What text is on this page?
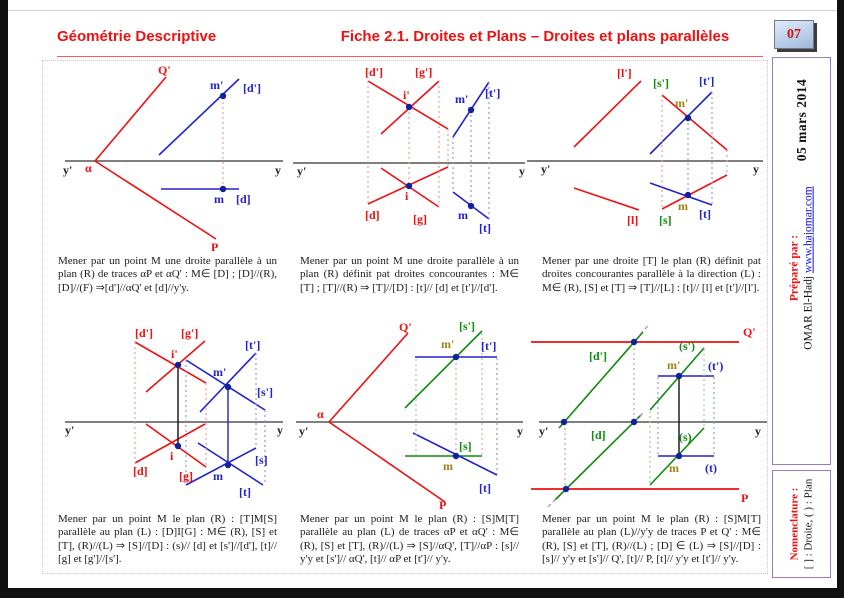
Géométrie Descriptive	Fiche 2.1. Droites et Plans – Droites et plans parallèles	07
05 mars 2014
Préparé par :
OMAR El-Hadj www.hajomar.com
Nomenclature : [ ] : Droite, ( ) : Plan
y' α	y
Q'
P
m' [d']
m [d]

Mener par un point M une droite parallèle à un plan (R) de traces αP et αQ' : M∈ [D] ; [D]//(R), [D]//(F) ⇒[d']//αQ' et [d]//y'y.

y'	y
[d']	[g']
i'
i
[d]	[g]
m' [t']
m
[t]

Mener par un point M une droite parallèle à un plan (R) définit pat droites concourantes : M∈ [T] ; [T]//(R) ⇒ [T]//[D] : [t]// [d] et [t']//[d'].

y'	y
[l']
[l]
[s']	[t']
m'
m
[s] [t]

Mener par une droite [T] le plan (R) définit pat droites concourantes parallèle à la direction (L) : M∈ (R), [S] et [T] ⇒ [T]//[L] : [t]// [l] et [t']//[l'].

y'	y
[d'] [g']
i'
i
[d]	[g]
m'
[t']
[s']
[s]
[t]
m

Mener par un point M le plan (R) : [T]M[S] parallèle au plan (L) : [D]I[G] : M∈ (R), [S] et [T], (R)//(L) ⇒ [S]//[D] : (s)// [d] et [s']//[d'], [t]// [g] et [g']//[s'].

y'	y
α
Q'
P
[s']
[t']
m'
[s]
m
[t]

Mener par un point M le plan (R) : [S]M[T] parallèle au plan (L) de traces αP et αQ' : M∈ (R), [S] et [T], (R)//(L) ⇒ [S]//αQ', [T]//αP : [s]// y'y et [s']// αQ', [t]// αP et [t']// y'y.

y'	y
Q'
P
[d']
[d]
(s')
(t')
m'
(s)
m (t)

Mener par un point M le plan (R) : [S]M[T] parallèle au plan (L)//y'y de traces P et Q' : M∈ (R), [S] et [T], (R)//(L) ; [D] ∈ (L) ⇒ [S]//[D] : [s]// y'y et [s']// Q', [t]// P, [t]// y'y et [t']// y'y.
